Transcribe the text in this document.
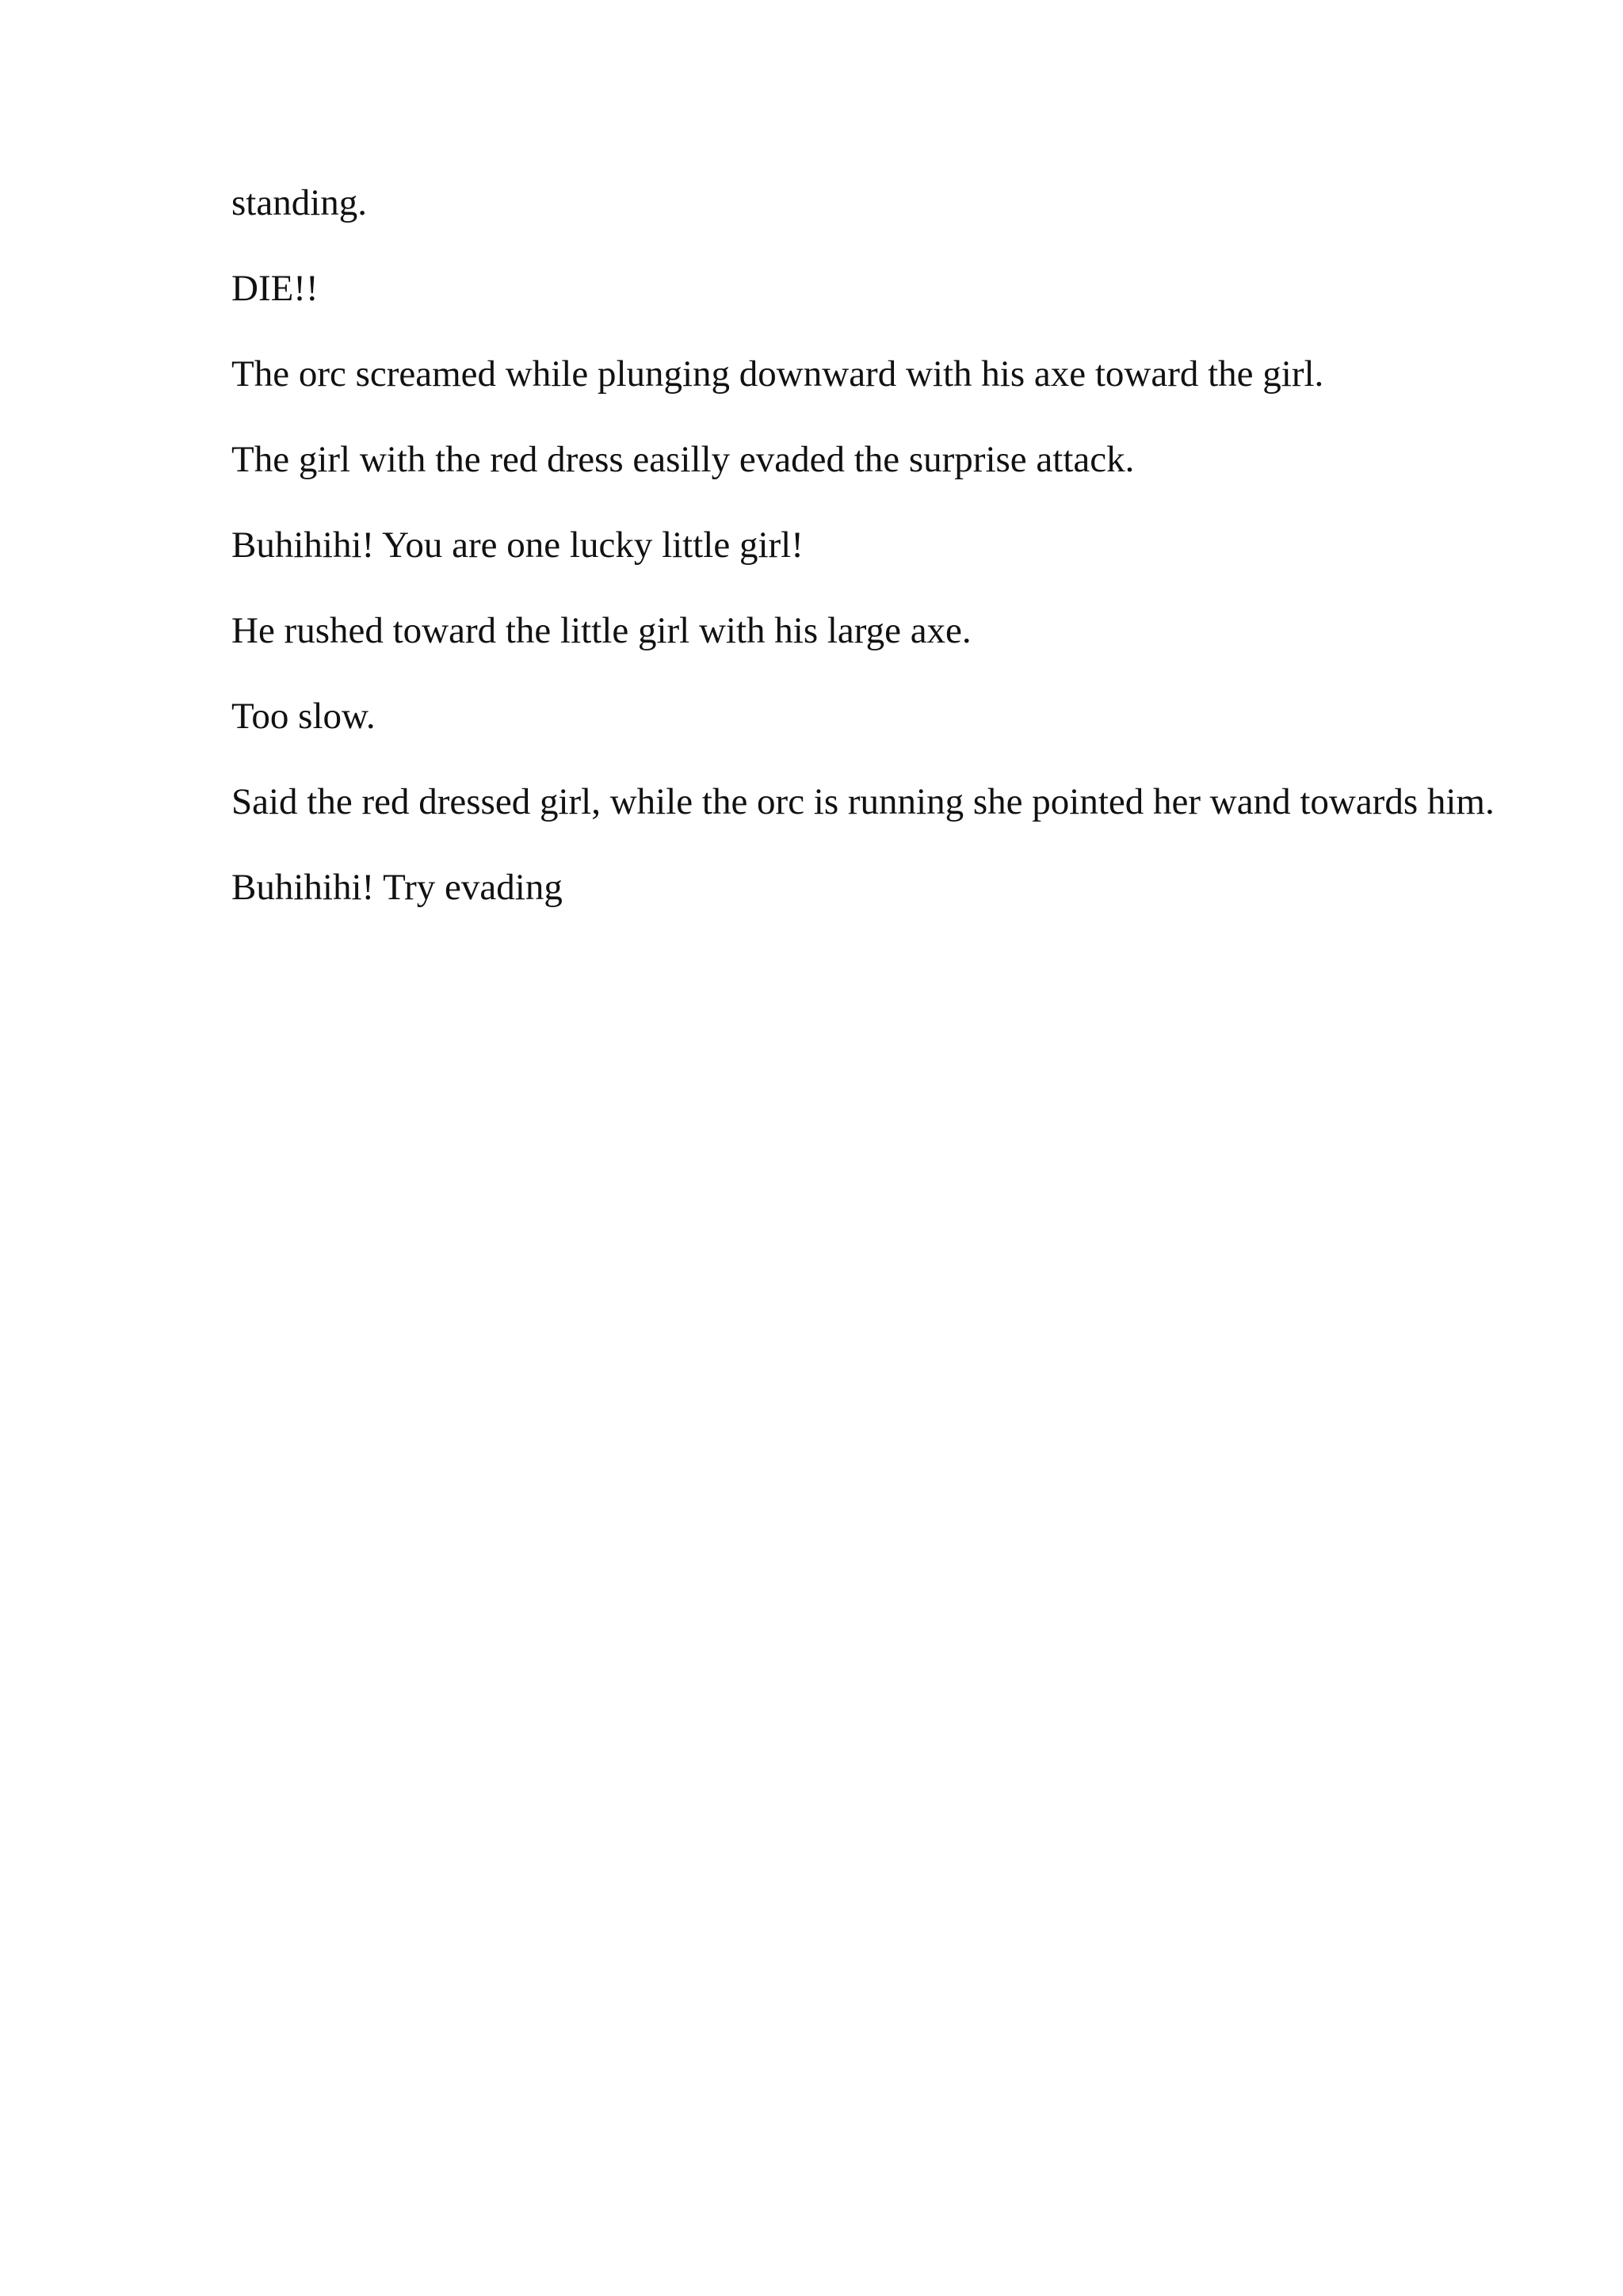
standing.

DIE!!

The orc screamed while plunging downward with his axe toward the girl.

The girl with the red dress easilly evaded the surprise attack.

Buhihihi! You are one lucky little girl!

He rushed toward the little girl with his large axe.

Too slow.

Said the red dressed girl, while the orc is running she pointed her wand towards him.

Buhihihi! Try evading
